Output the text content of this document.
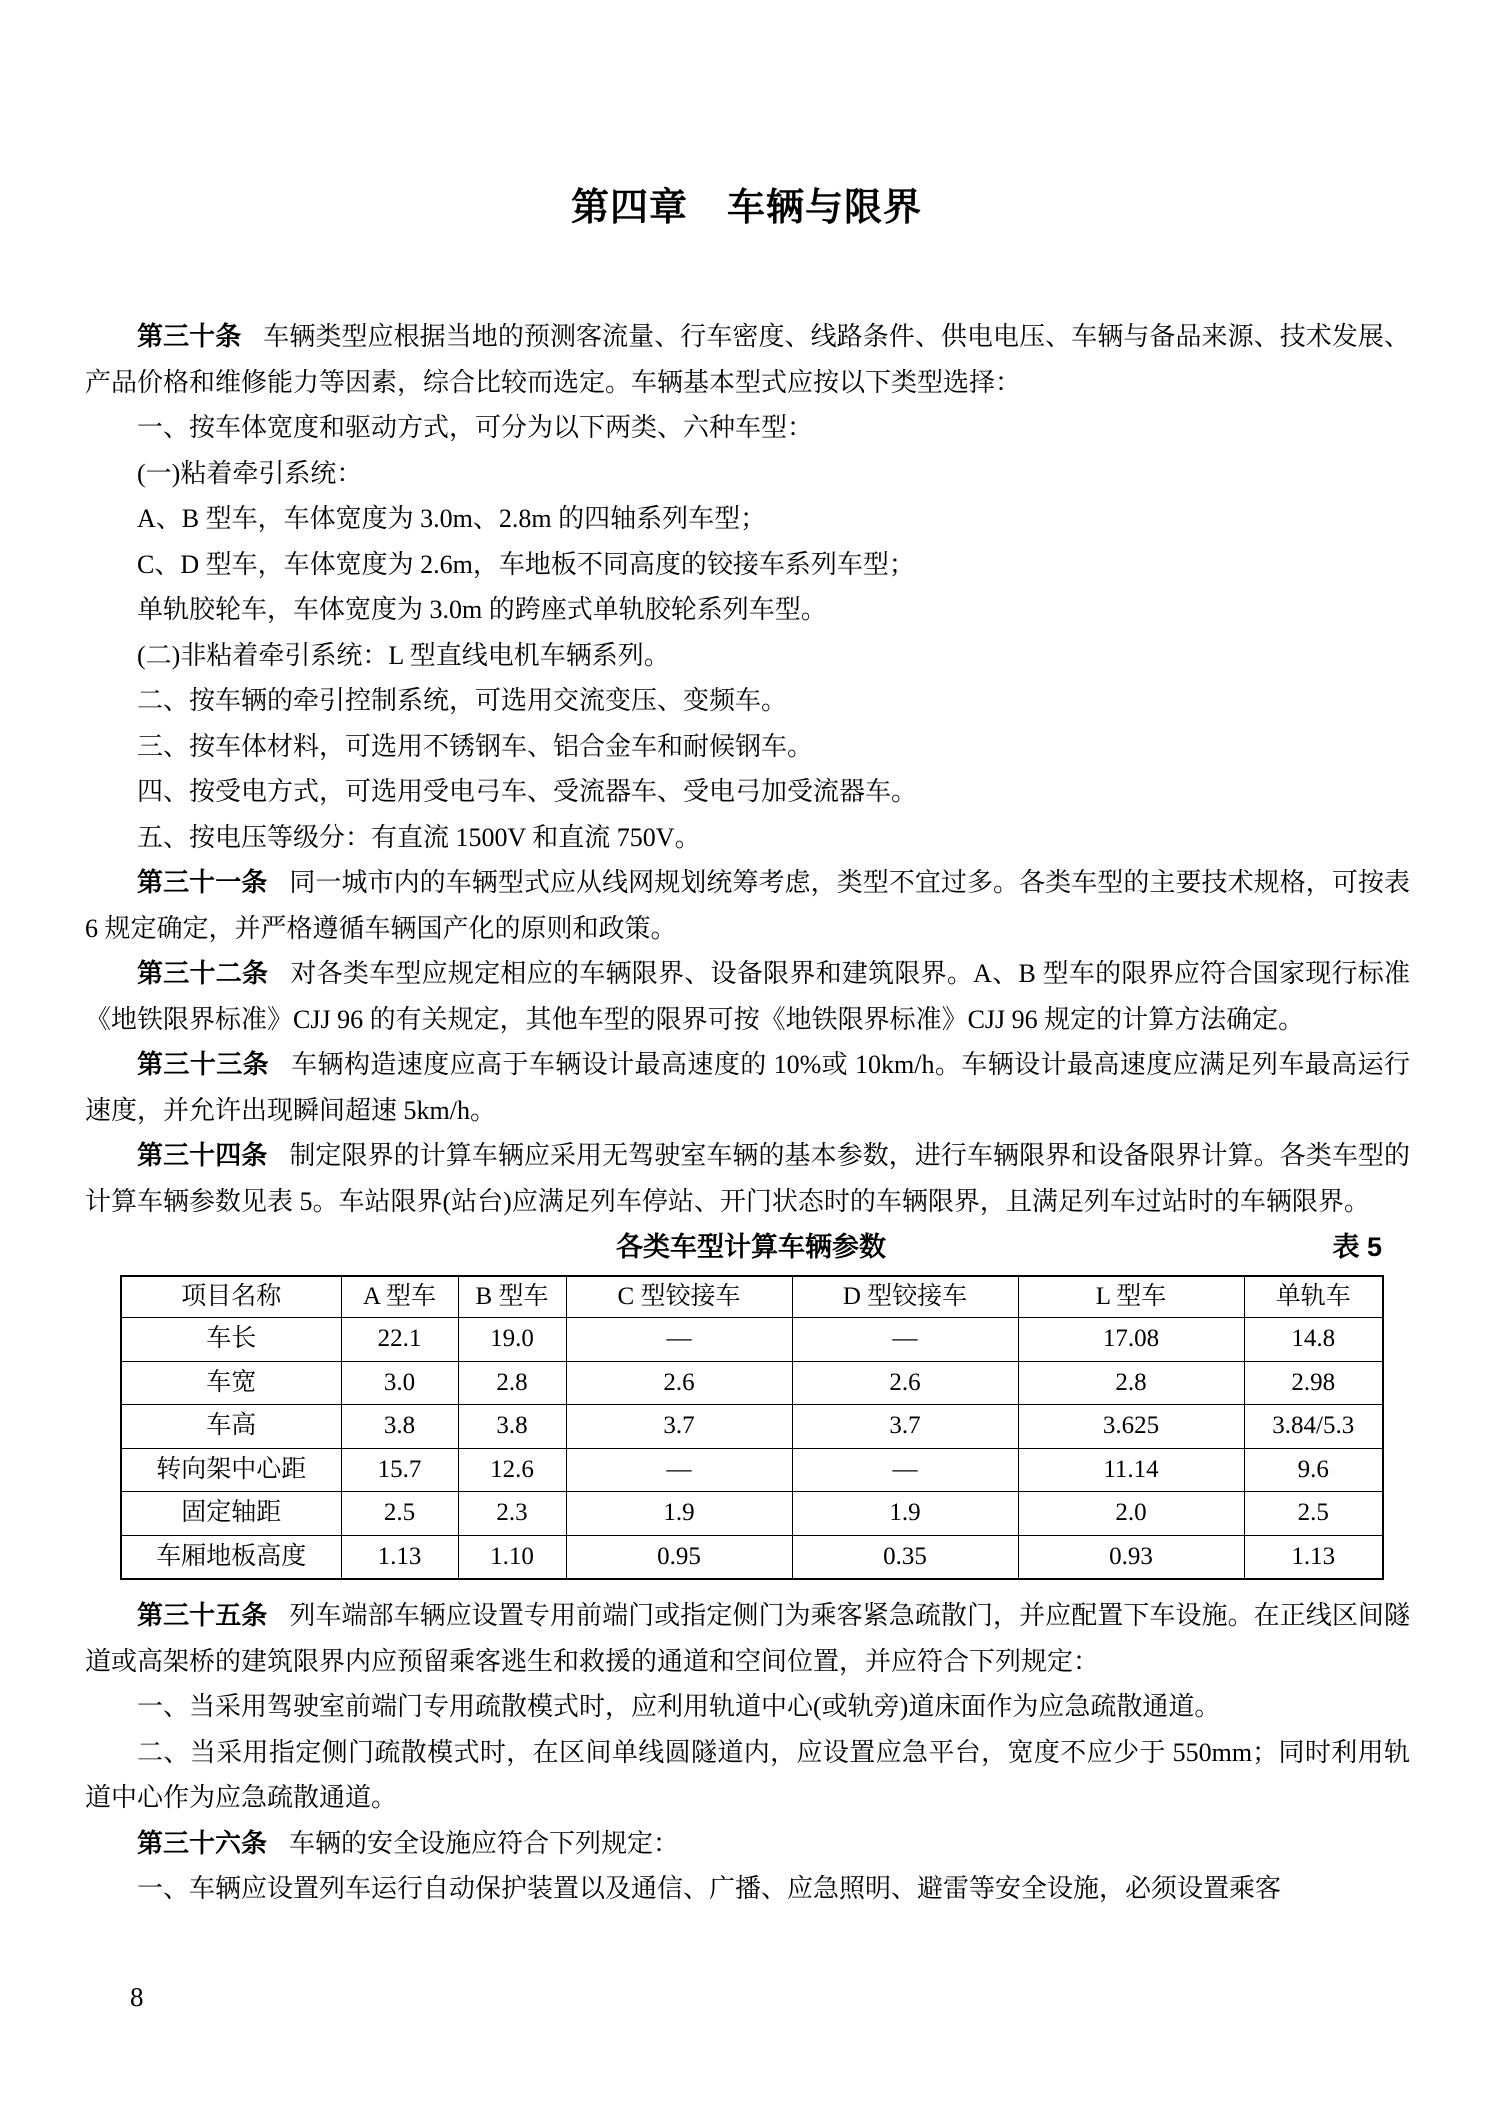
第四章　车辆与限界

第三十条 车辆类型应根据当地的预测客流量、行车密度、线路条件、供电电压、车辆与备品来源、技术发展、产品价格和维修能力等因素，综合比较而选定。车辆基本型式应按以下类型选择：

一、按车体宽度和驱动方式，可分为以下两类、六种车型：

(一)粘着牵引系统：

A、B 型车，车体宽度为 3.0m、2.8m 的四轴系列车型；

C、D 型车，车体宽度为 2.6m，车地板不同高度的铰接车系列车型；

单轨胶轮车，车体宽度为 3.0m 的跨座式单轨胶轮系列车型。

(二)非粘着牵引系统：L 型直线电机车辆系列。

二、按车辆的牵引控制系统，可选用交流变压、变频车。

三、按车体材料，可选用不锈钢车、铝合金车和耐候钢车。

四、按受电方式，可选用受电弓车、受流器车、受电弓加受流器车。

五、按电压等级分：有直流 1500V 和直流 750V。

第三十一条 同一城市内的车辆型式应从线网规划统筹考虑，类型不宜过多。各类车型的主要技术规格，可按表 6 规定确定，并严格遵循车辆国产化的原则和政策。

第三十二条 对各类车型应规定相应的车辆限界、设备限界和建筑限界。A、B 型车的限界应符合国家现行标准《地铁限界标准》CJJ 96 的有关规定，其他车型的限界可按《地铁限界标准》CJJ 96 规定的计算方法确定。

第三十三条 车辆构造速度应高于车辆设计最高速度的 10%或 10km/h。车辆设计最高速度应满足列车最高运行速度，并允许出现瞬间超速 5km/h。

第三十四条 制定限界的计算车辆应采用无驾驶室车辆的基本参数，进行车辆限界和设备限界计算。各类车型的计算车辆参数见表 5。车站限界(站台)应满足列车停站、开门状态时的车辆限界，且满足列车过站时的车辆限界。

各类车型计算车辆参数	表 5
项目名称	A 型车	B 型车	C 型铰接车	D 型铰接车	L 型车	单轨车
车长	22.1	19.0	—	—	17.08	14.8
车宽	3.0	2.8	2.6	2.6	2.8	2.98
车高	3.8	3.8	3.7	3.7	3.625	3.84/5.3
转向架中心距	15.7	12.6	—	—	11.14	9.6
固定轴距	2.5	2.3	1.9	1.9	2.0	2.5
车厢地板高度	1.13	1.10	0.95	0.35	0.93	1.13

第三十五条 列车端部车辆应设置专用前端门或指定侧门为乘客紧急疏散门，并应配置下车设施。在正线区间隧道或高架桥的建筑限界内应预留乘客逃生和救援的通道和空间位置，并应符合下列规定：

一、当采用驾驶室前端门专用疏散模式时，应利用轨道中心(或轨旁)道床面作为应急疏散通道。

二、当采用指定侧门疏散模式时，在区间单线圆隧道内，应设置应急平台，宽度不应少于 550mm；同时利用轨道中心作为应急疏散通道。

第三十六条 车辆的安全设施应符合下列规定：

一、车辆应设置列车运行自动保护装置以及通信、广播、应急照明、避雷等安全设施，必须设置乘客

8
